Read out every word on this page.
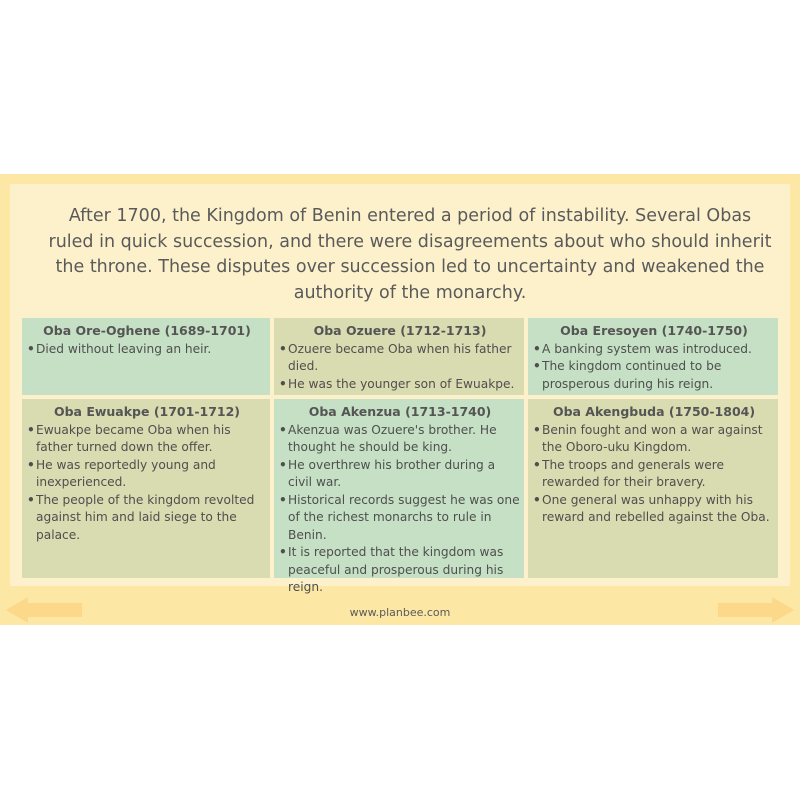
After 1700, the Kingdom of Benin entered a period of instability. Several Obas ruled in quick succession, and there were disagreements about who should inherit the throne. These disputes over succession led to uncertainty and weakened the authority of the monarchy.

Oba Ore-Oghene (1689-1701)
• Died without leaving an heir.
Oba Ozuere (1712-1713)
• Ozuere became Oba when his father died.
• He was the younger son of Ewuakpe.
Oba Eresoyen (1740-1750)
• A banking system was introduced.
• The kingdom continued to be prosperous during his reign.
Oba Ewuakpe (1701-1712)
• Ewuakpe became Oba when his father turned down the offer.
• He was reportedly young and inexperienced.
• The people of the kingdom revolted against him and laid siege to the palace.
Oba Akenzua (1713-1740)
• Akenzua was Ozuere's brother. He thought he should be king.
• He overthrew his brother during a civil war.
• Historical records suggest he was one of the richest monarchs to rule in Benin.
• It is reported that the kingdom was peaceful and prosperous during his reign.
Oba Akengbuda (1750-1804)
• Benin fought and won a war against the Oboro-uku Kingdom.
• The troops and generals were rewarded for their bravery.
• One general was unhappy with his reward and rebelled against the Oba.
www.planbee.com
